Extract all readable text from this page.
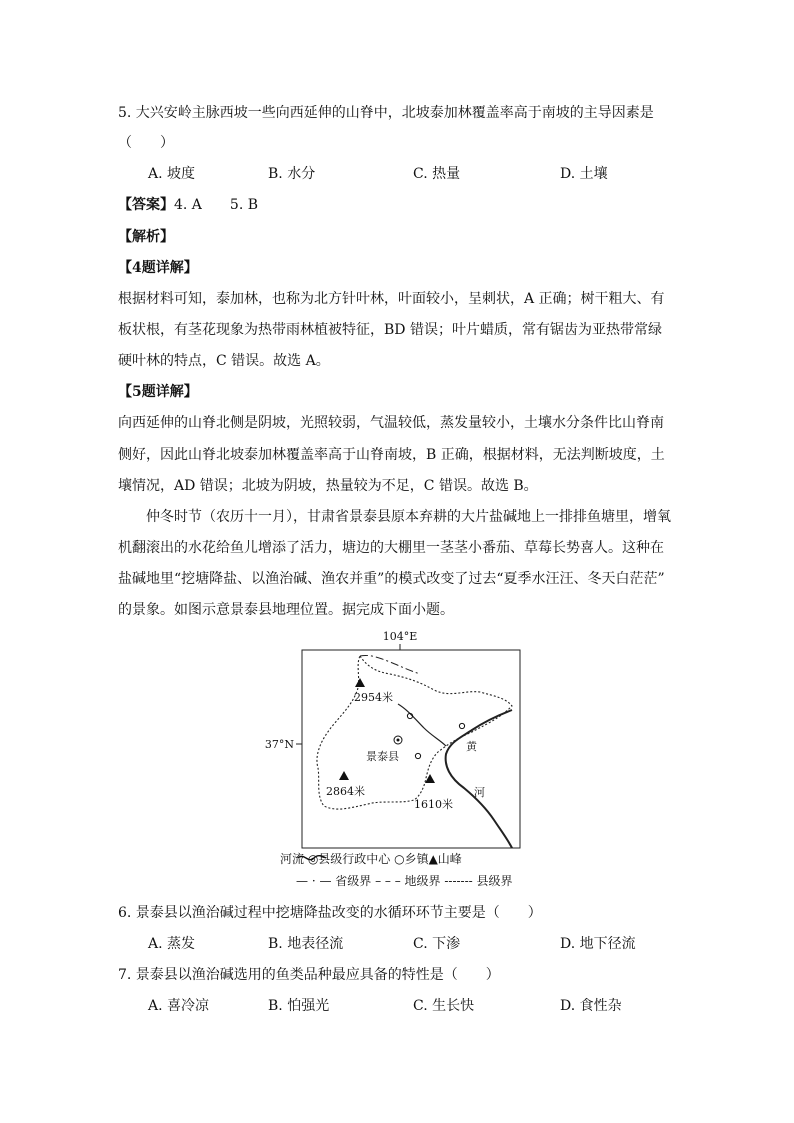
5. 大兴安岭主脉西坡一些向西延伸的山脊中，北坡泰加林覆盖率高于南坡的主导因素是
（　　）
A. 坡度	B. 水分	C. 热量	D. 土壤
【答案】4. A　　5. B
【解析】
【4题详解】
根据材料可知，泰加林，也称为北方针叶林，叶面较小，呈刺状，A 正确；树干粗大、有
板状根，有茎花现象为热带雨林植被特征，BD 错误；叶片蜡质，常有锯齿为亚热带常绿
硬叶林的特点，C 错误。故选 A。
【5题详解】
向西延伸的山脊北侧是阴坡，光照较弱，气温较低，蒸发量较小，土壤水分条件比山脊南
侧好，因此山脊北坡泰加林覆盖率高于山脊南坡，B 正确，根据材料，无法判断坡度，土
壤情况，AD 错误；北坡为阴坡，热量较为不足，C 错误。故选 B。
仲冬时节（农历十一月），甘肃省景泰县原本弃耕的大片盐碱地上一排排鱼塘里，增氧
机翻滚出的水花给鱼儿增添了活力，塘边的大棚里一茎茎小番茄、草莓长势喜人。这种在
盐碱地里“挖塘降盐、以渔治碱、渔农并重”的模式改变了过去“夏季水汪汪、冬天白茫茫”
的景象。如图示意景泰县地理位置。据完成下面小题。
104°E
37°N
2954米
2864米
1610米
景泰县
黄
河
河流 ◎县级行政中心 ○乡镇▲山峰
— · — 省级界 – – – 地级界 ------- 县级界
6. 景泰县以渔治碱过程中挖塘降盐改变的水循环环节主要是（　　）
A. 蒸发	B. 地表径流	C. 下渗	D. 地下径流
7. 景泰县以渔治碱选用的鱼类品种最应具备的特性是（　　）
A. 喜冷凉	B. 怕强光	C. 生长快	D. 食性杂
